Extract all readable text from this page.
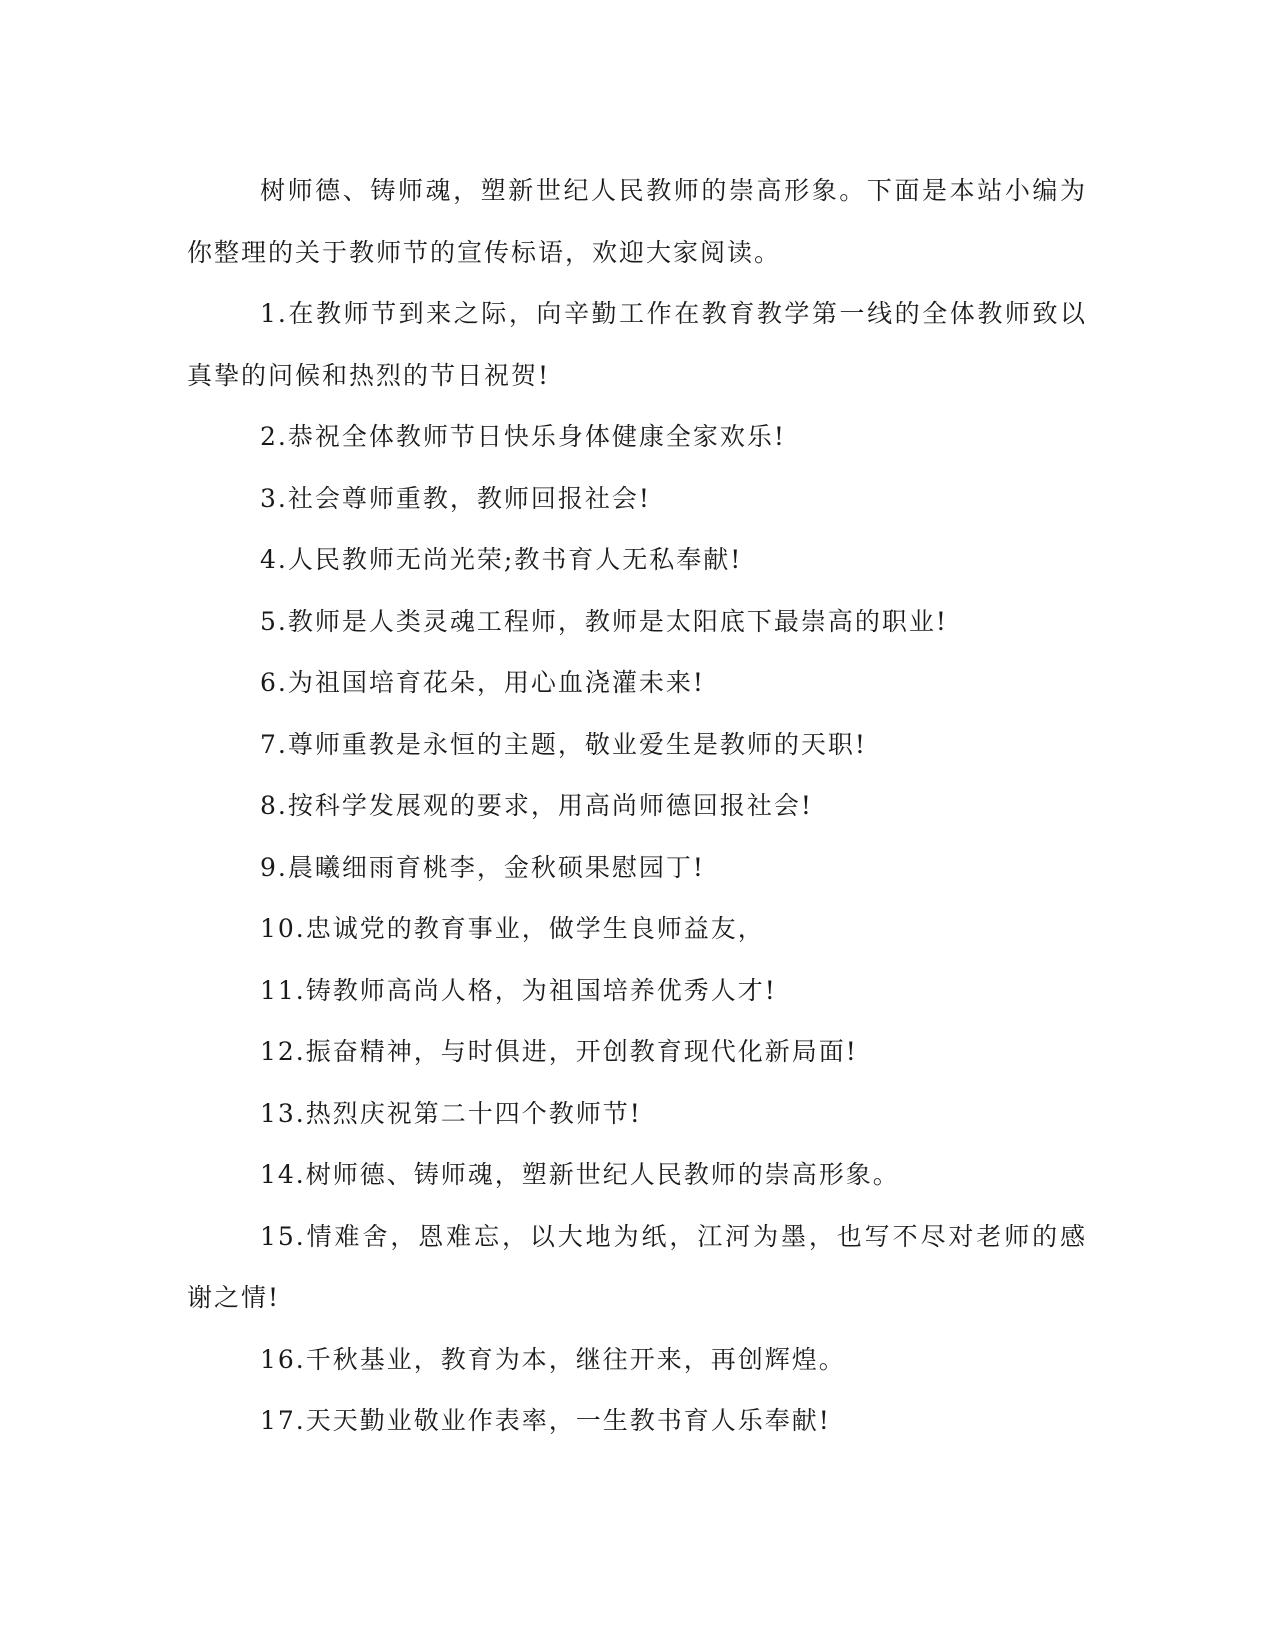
树师德、铸师魂，塑新世纪人民教师的崇高形象。下面是本站小编为你整理的关于教师节的宣传标语，欢迎大家阅读。

1.在教师节到来之际，向辛勤工作在教育教学第一线的全体教师致以真挚的问候和热烈的节日祝贺!

2.恭祝全体教师节日快乐身体健康全家欢乐!

3.社会尊师重教，教师回报社会!

4.人民教师无尚光荣;教书育人无私奉献!

5.教师是人类灵魂工程师，教师是太阳底下最崇高的职业!

6.为祖国培育花朵，用心血浇灌未来!

7.尊师重教是永恒的主题，敬业爱生是教师的天职!

8.按科学发展观的要求，用高尚师德回报社会!

9.晨曦细雨育桃李，金秋硕果慰园丁!

10.忠诚党的教育事业，做学生良师益友，

11.铸教师高尚人格，为祖国培养优秀人才!

12.振奋精神，与时俱进，开创教育现代化新局面!

13.热烈庆祝第二十四个教师节!

14.树师德、铸师魂，塑新世纪人民教师的崇高形象。

15.情难舍，恩难忘，以大地为纸，江河为墨，也写不尽对老师的感谢之情!

16.千秋基业，教育为本，继往开来，再创辉煌。

17.天天勤业敬业作表率，一生教书育人乐奉献!
